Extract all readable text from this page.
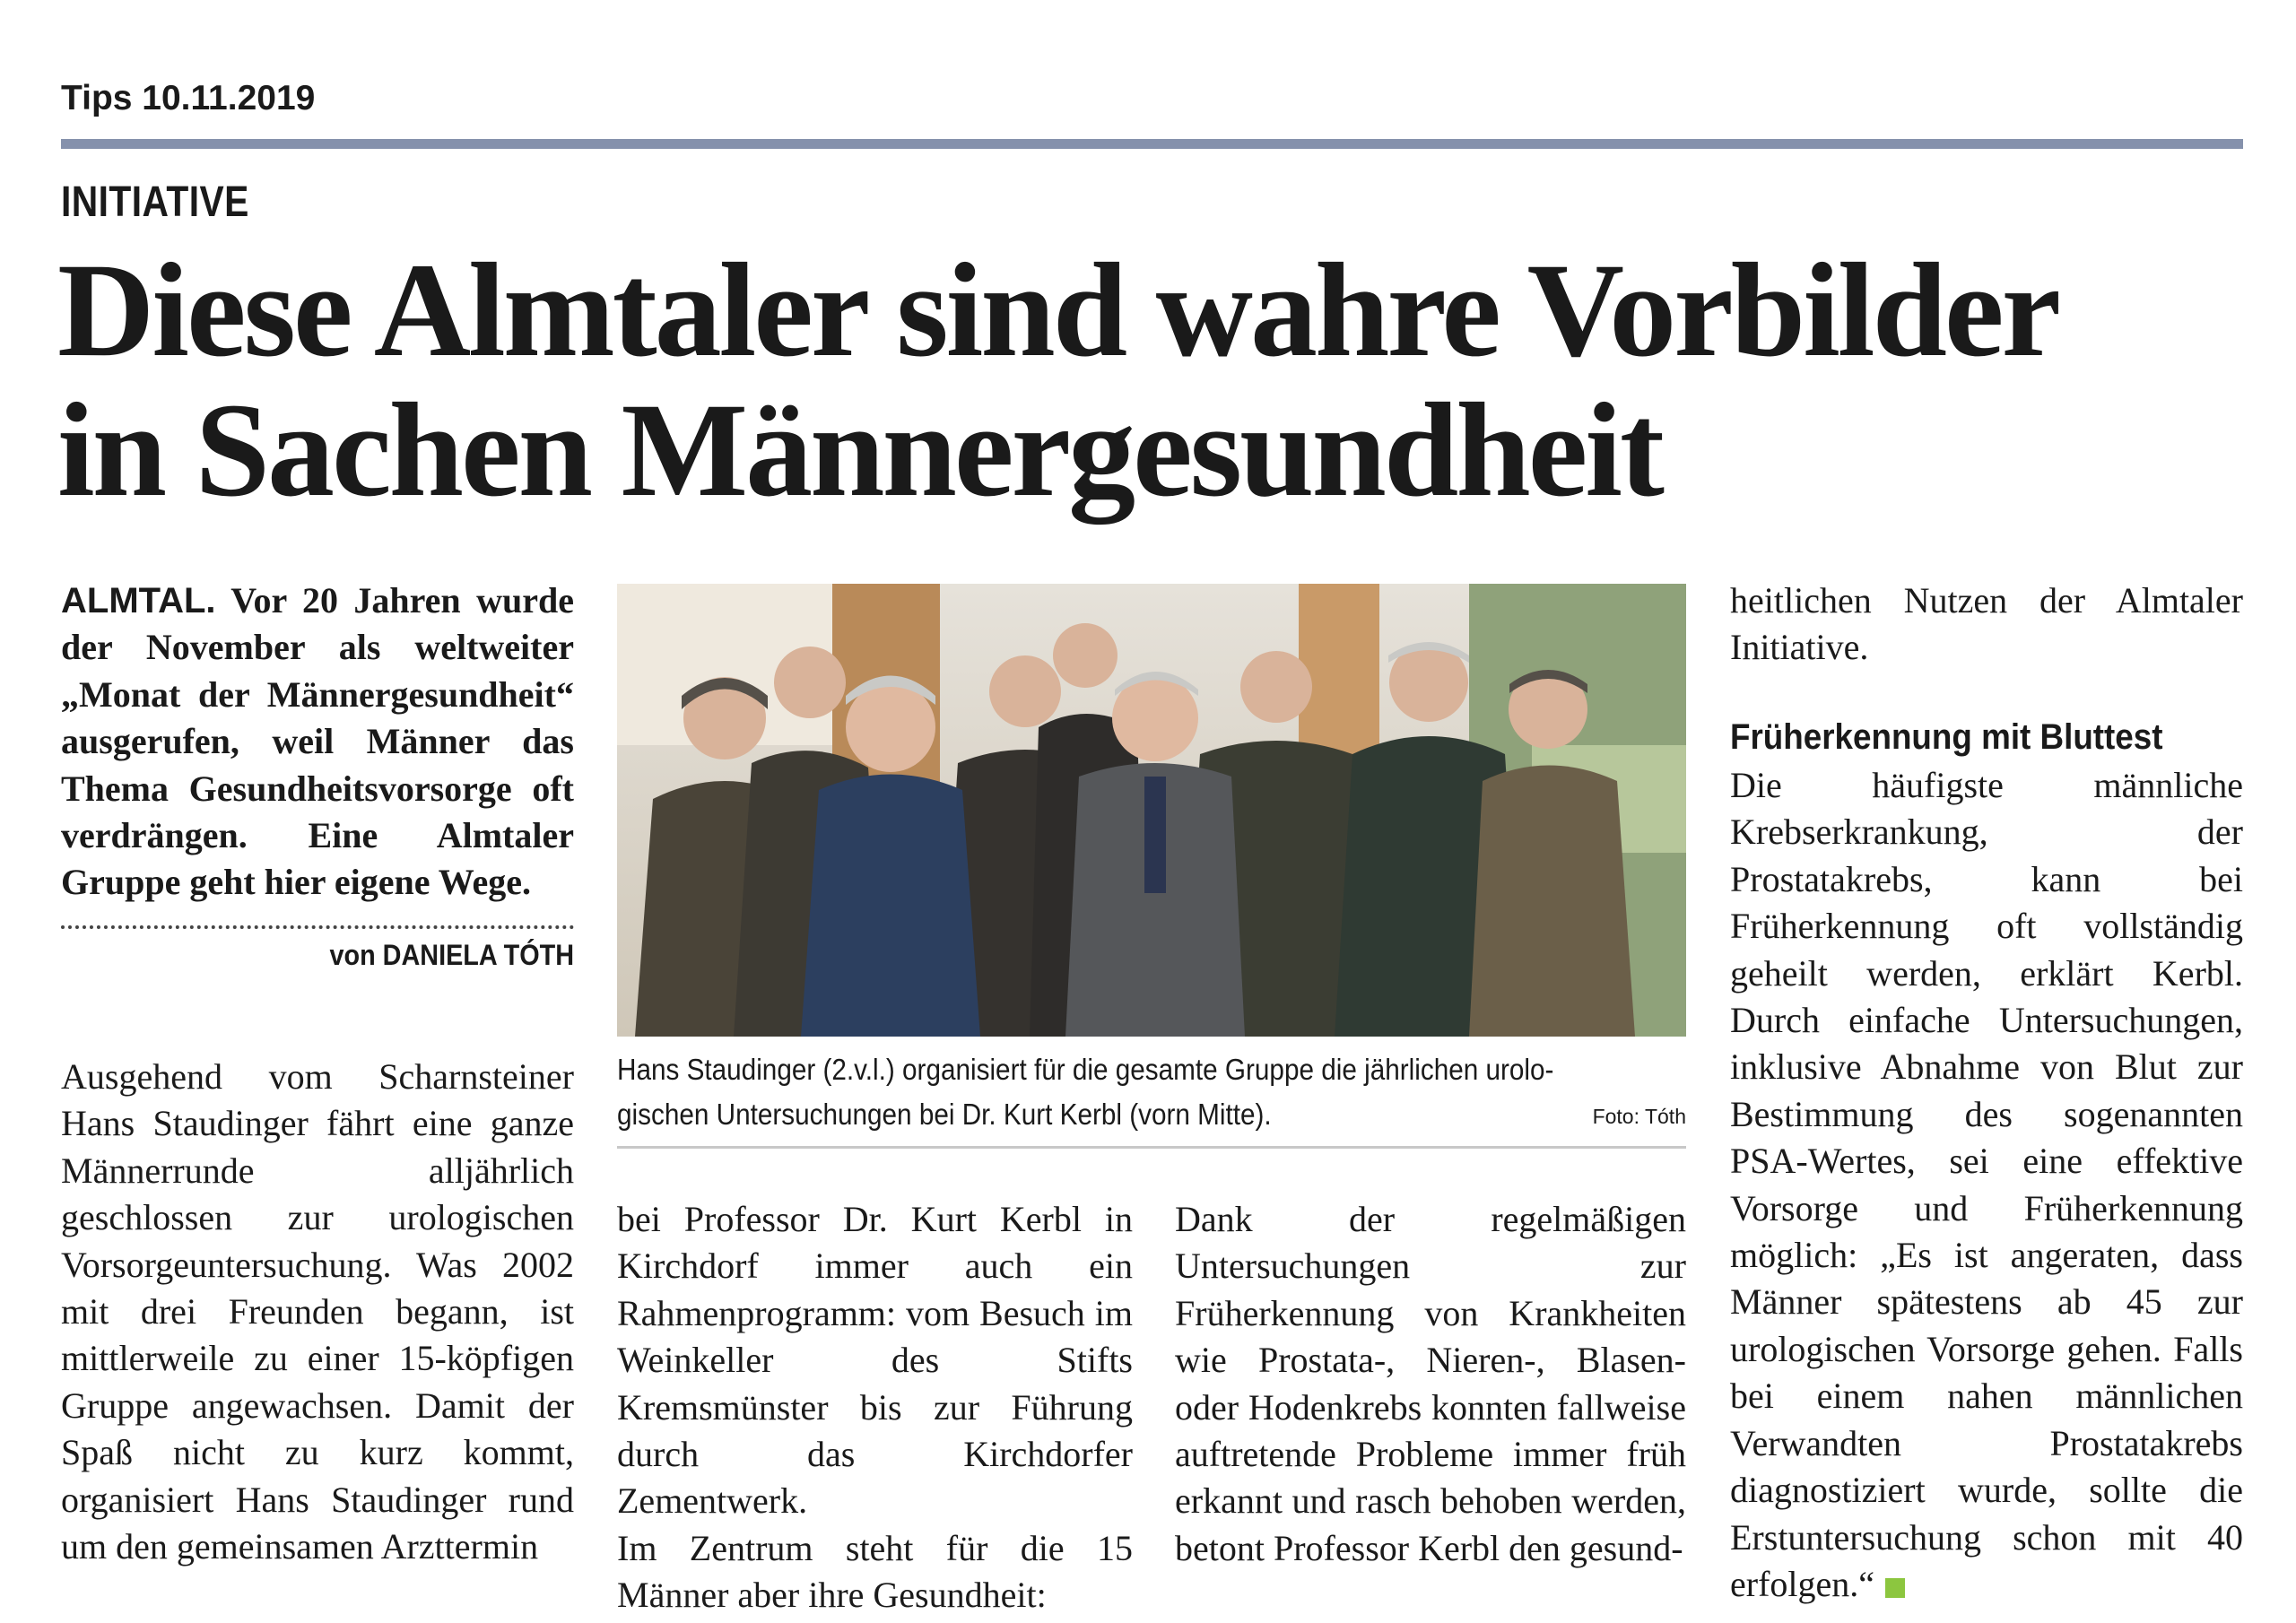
Tips 10.11.2019
INITIATIVE
Diese Almtaler sind wahre Vorbilder
in Sachen Männergesundheit

ALMTAL. Vor 20 Jahren wurde der November als weltweiter „Monat der Männergesundheit“ ausgerufen, weil Männer das Thema Gesundheitsvorsorge oft verdrängen. Eine Almtaler Gruppe geht hier eigene Wege.

von DANIELA TÓTH

Ausgehend vom Scharnsteiner Hans Staudinger fährt eine ganze Männerrunde alljährlich geschlossen zur urologischen Vorsorgeuntersuchung. Was 2002 mit drei Freunden begann, ist mittlerweile zu einer 15-köpfigen Gruppe angewachsen. Damit der Spaß nicht zu kurz kommt, organisiert Hans Staudinger rund um den gemeinsamen Arzttermin

Hans Staudinger (2.v.l.) organisiert für die gesamte Gruppe die jährlichen urolo-
gischen Untersuchungen bei Dr. Kurt Kerbl (vorn Mitte).	Foto: Tóth

bei Professor Dr. Kurt Kerbl in Kirchdorf immer auch ein Rahmenprogramm: vom Besuch im Weinkeller des Stifts Kremsmünster bis zur Führung durch das Kirchdorfer Zementwerk.

Im Zentrum steht für die 15 Männer aber ihre Gesundheit:

Dank der regelmäßigen Untersuchungen zur Früherkennung von Krankheiten wie Prostata-, Nieren-, Blasen- oder Hodenkrebs konnten fallweise auftretende Probleme immer früh erkannt und rasch behoben werden, betont Professor Kerbl den gesund-

heitlichen Nutzen der Almtaler Initiative.

Früherkennung mit Bluttest

Die häufigste männliche Krebserkrankung, der Prostatakrebs, kann bei Früherkennung oft vollständig geheilt werden, erklärt Kerbl. Durch einfache Untersuchungen, inklusive Abnahme von Blut zur Bestimmung des sogenannten PSA-Wertes, sei eine effektive Vorsorge und Früherkennung möglich: „Es ist angeraten, dass Männer spätestens ab 45 zur urologischen Vorsorge gehen. Falls bei einem nahen männlichen Verwandten Prostatakrebs diagnostiziert wurde, sollte die Erstuntersuchung schon mit 40 erfolgen.“
